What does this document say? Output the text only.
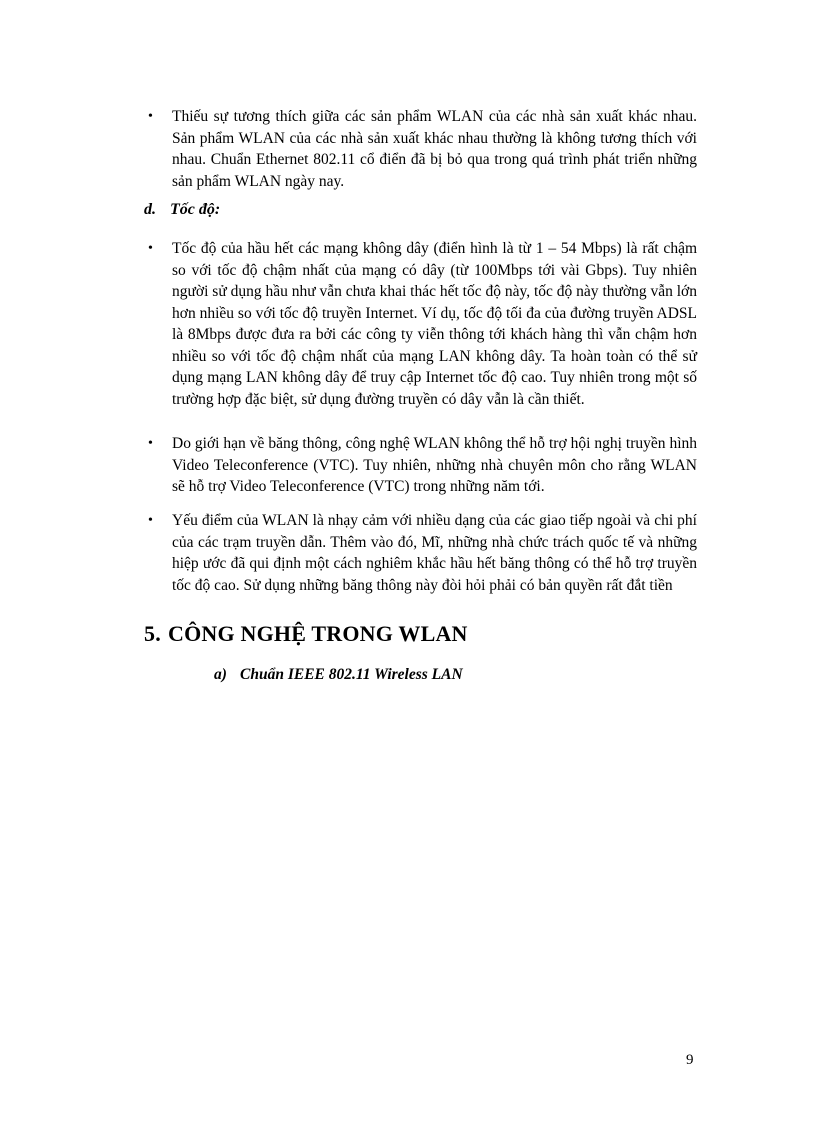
• Thiếu sự tương thích giữa các sản phẩm WLAN của các nhà sản xuất khác nhau. Sản phẩm WLAN của các nhà sản xuất khác nhau thường là không tương thích với nhau. Chuẩn Ethernet 802.11 cổ điển đã bị bỏ qua trong quá trình phát triển những sản phẩm WLAN ngày nay.
d. Tốc độ:
• Tốc độ của hầu hết các mạng không dây (điển hình là từ 1 – 54 Mbps) là rất chậm so với tốc độ chậm nhất của mạng có dây (từ 100Mbps tới vài Gbps). Tuy nhiên người sử dụng hầu như vẫn chưa khai thác hết tốc độ này, tốc độ này thường vẫn lớn hơn nhiều so với tốc độ truyền Internet. Ví dụ, tốc độ tối đa của đường truyền ADSL là 8Mbps được đưa ra bởi các công ty viễn thông tới khách hàng thì vẫn chậm hơn nhiều so với tốc độ chậm nhất của mạng LAN không dây. Ta hoàn toàn có thể sử dụng mạng LAN không dây để truy cập Internet tốc độ cao. Tuy nhiên trong một số trường hợp đặc biệt, sử dụng đường truyền có dây vẫn là cần thiết.
• Do giới hạn về băng thông, công nghệ WLAN không thể hỗ trợ hội nghị truyền hình Video Teleconference (VTC). Tuy nhiên, những nhà chuyên môn cho rằng WLAN sẽ hỗ trợ Video Teleconference (VTC) trong những năm tới.
• Yếu điểm của WLAN là nhạy cảm với nhiều dạng của các giao tiếp ngoài và chi phí của các trạm truyền dẫn. Thêm vào đó, Mĩ, những nhà chức trách quốc tế và những hiệp ước đã qui định một cách nghiêm khắc hầu hết băng thông có thể hỗ trợ truyền tốc độ cao. Sử dụng những băng thông này đòi hỏi phải có bản quyền rất đắt tiền
5. CÔNG NGHỆ TRONG WLAN
a) Chuẩn IEEE 802.11 Wireless LAN
9
